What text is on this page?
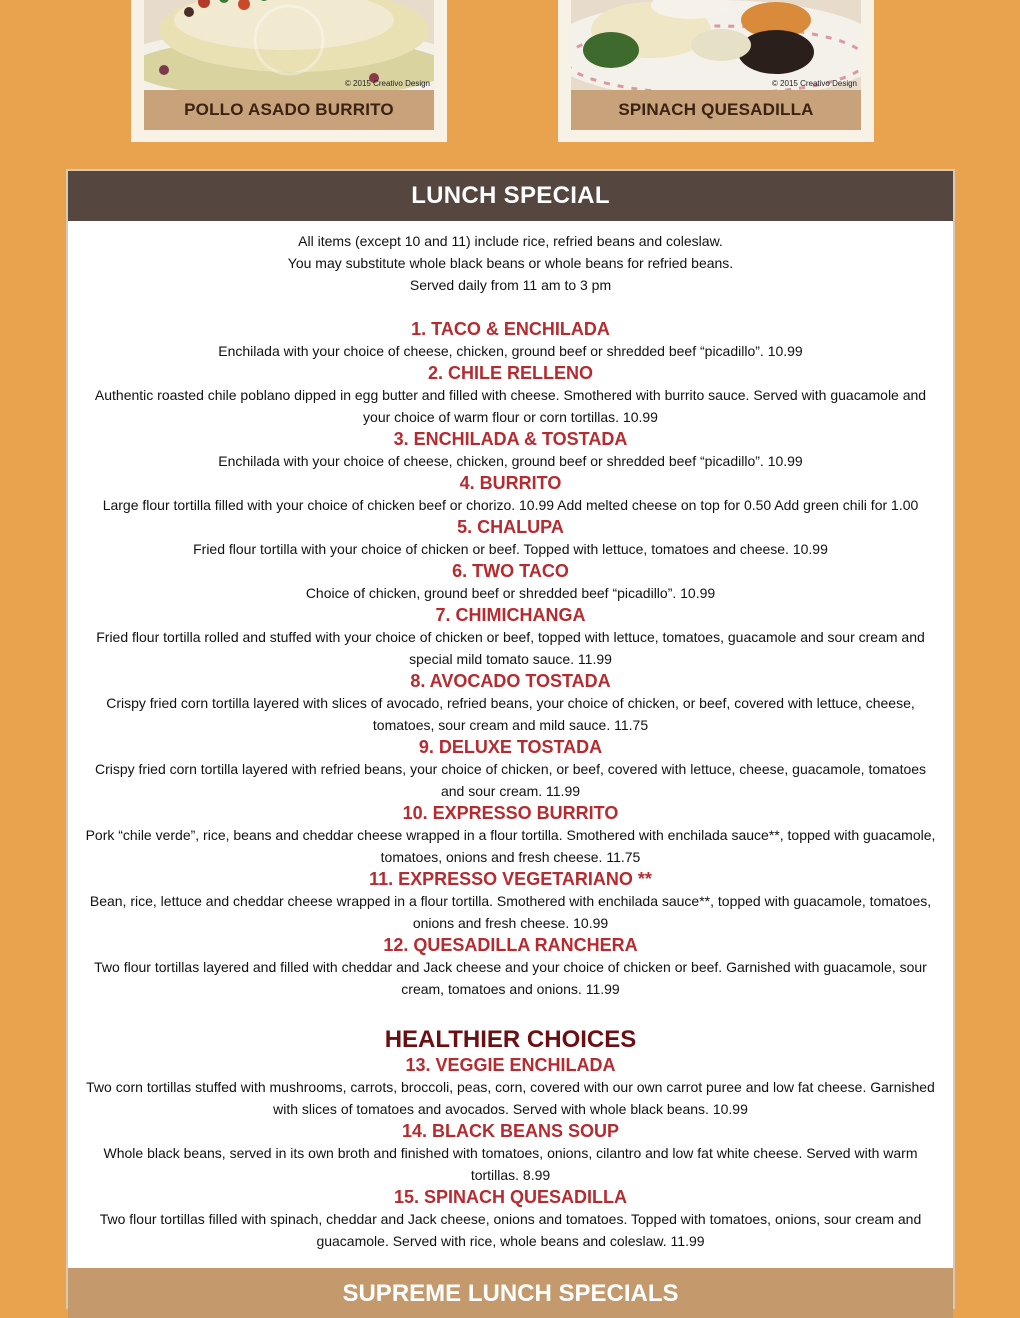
© 2015 Creativo Design
POLLO ASADO BURRITO
© 2015 Creativo Design
SPINACH QUESADILLA
LUNCH SPECIAL

All items (except 10 and 11) include rice, refried beans and coleslaw.

You may substitute whole black beans or whole beans for refried beans.

Served daily from 11 am to 3 pm

1. TACO & ENCHILADA

Enchilada with your choice of cheese, chicken, ground beef or shredded beef “picadillo”. 10.99

2. CHILE RELLENO

Authentic roasted chile poblano dipped in egg butter and filled with cheese. Smothered with burrito sauce. Served with guacamole and your choice of warm flour or corn tortillas. 10.99

3. ENCHILADA & TOSTADA

Enchilada with your choice of cheese, chicken, ground beef or shredded beef “picadillo”. 10.99

4. BURRITO

Large flour tortilla filled with your choice of chicken beef or chorizo. 10.99 Add melted cheese on top for 0.50 Add green chili for 1.00

5. CHALUPA

Fried flour tortilla with your choice of chicken or beef. Topped with lettuce, tomatoes and cheese. 10.99

6. TWO TACO

Choice of chicken, ground beef or shredded beef “picadillo”. 10.99

7. CHIMICHANGA

Fried flour tortilla rolled and stuffed with your choice of chicken or beef, topped with lettuce, tomatoes, guacamole and sour cream and special mild tomato sauce. 11.99

8. AVOCADO TOSTADA

Crispy fried corn tortilla layered with slices of avocado, refried beans, your choice of chicken, or beef, covered with lettuce, cheese, tomatoes, sour cream and mild sauce. 11.75

9. DELUXE TOSTADA

Crispy fried corn tortilla layered with refried beans, your choice of chicken, or beef, covered with lettuce, cheese, guacamole, tomatoes and sour cream. 11.99

10. EXPRESSO BURRITO

Pork “chile verde”, rice, beans and cheddar cheese wrapped in a flour tortilla. Smothered with enchilada sauce**, topped with guacamole, tomatoes, onions and fresh cheese. 11.75

11. EXPRESSO VEGETARIANO **

Bean, rice, lettuce and cheddar cheese wrapped in a flour tortilla. Smothered with enchilada sauce**, topped with guacamole, tomatoes, onions and fresh cheese. 10.99

12. QUESADILLA RANCHERA

Two flour tortillas layered and filled with cheddar and Jack cheese and your choice of chicken or beef. Garnished with guacamole, sour cream, tomatoes and onions. 11.99

HEALTHIER CHOICES
13. VEGGIE ENCHILADA

Two corn tortillas stuffed with mushrooms, carrots, broccoli, peas, corn, covered with our own carrot puree and low fat cheese. Garnished with slices of tomatoes and avocados. Served with whole black beans. 10.99

14. BLACK BEANS SOUP

Whole black beans, served in its own broth and finished with tomatoes, onions, cilantro and low fat white cheese. Served with warm tortillas. 8.99

15. SPINACH QUESADILLA

Two flour tortillas filled with spinach, cheddar and Jack cheese, onions and tomatoes. Topped with tomatoes, onions, sour cream and guacamole. Served with rice, whole beans and coleslaw. 11.99

SUPREME LUNCH SPECIALS
